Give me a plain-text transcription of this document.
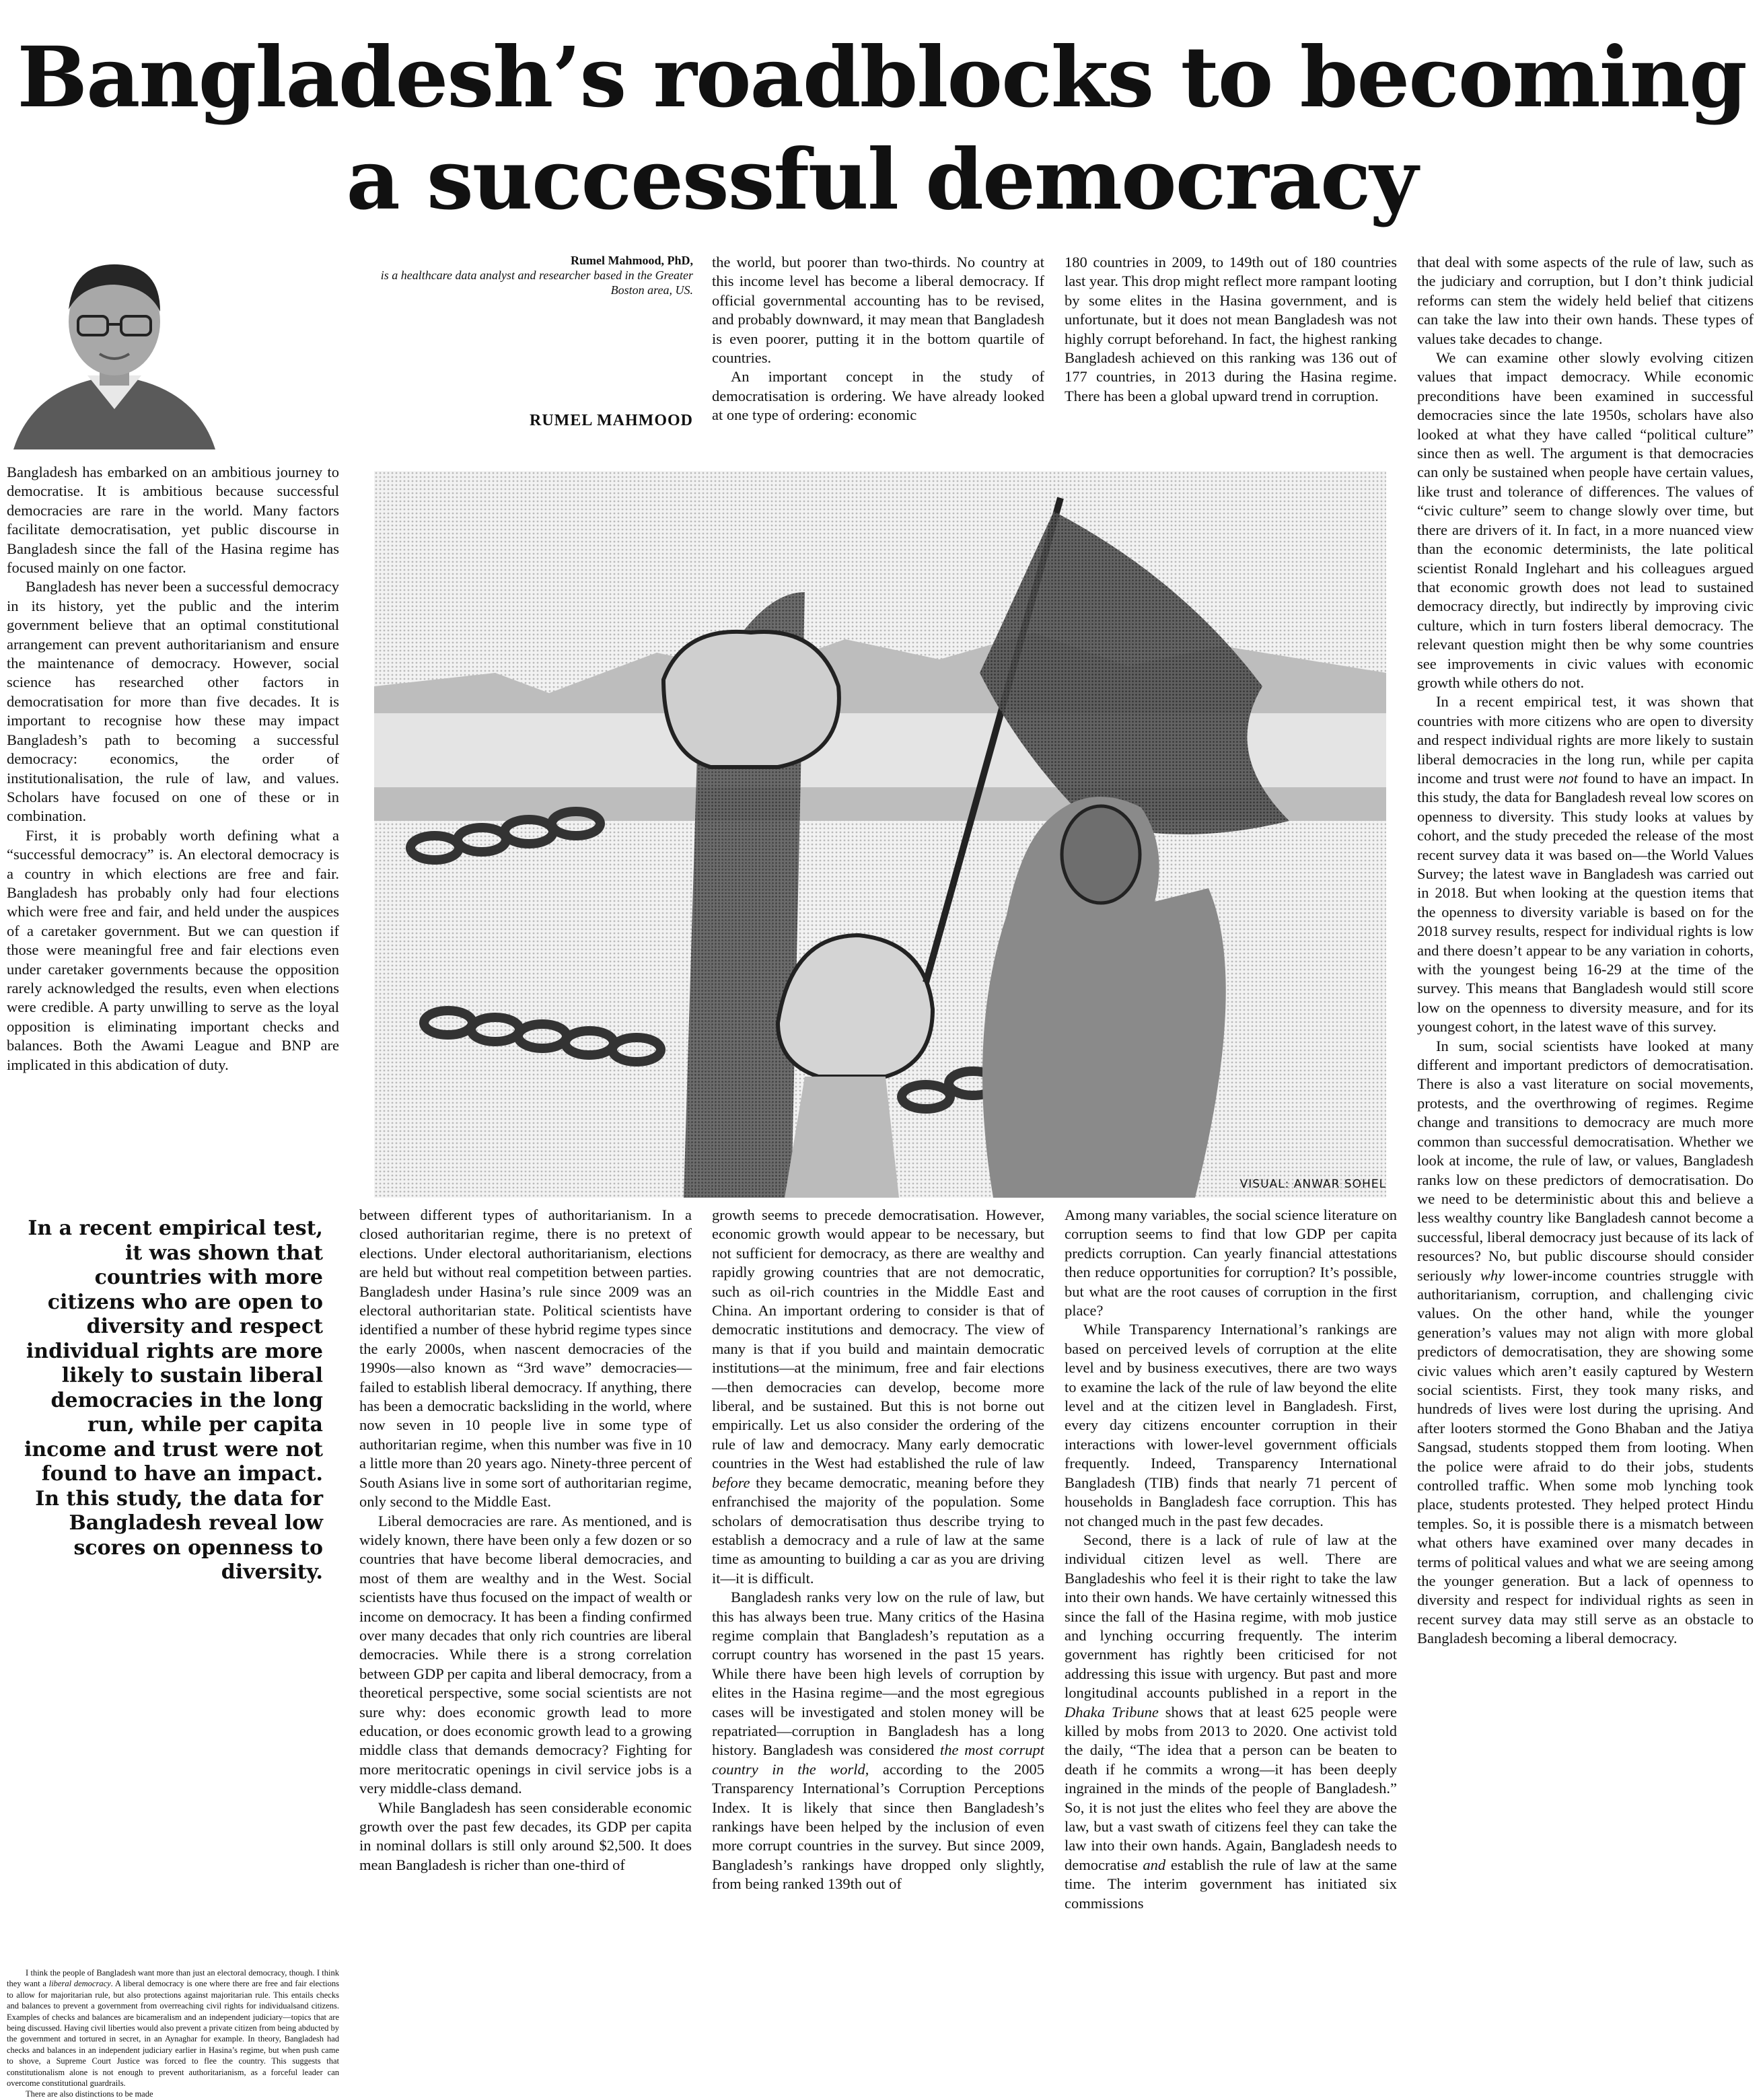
Bangladesh’s roadblocks to becoming a successful democracy
Rumel Mahmood, PhD,
is a healthcare data analyst and researcher based in the Greater Boston area, US.
RUMEL MAHMOOD

Bangladesh has embarked on an ambitious journey to democratise. It is ambitious because successful democracies are rare in the world. Many factors facilitate democratisation, yet public discourse in Bangladesh since the fall of the Hasina regime has focused mainly on one factor.

Bangladesh has never been a successful democracy in its history, yet the public and the interim government believe that an optimal constitutional arrangement can prevent authoritarianism and ensure the maintenance of democracy. However, social science has researched other factors in democratisation for more than five decades. It is important to recognise how these may impact Bangladesh’s path to becoming a successful democracy: economics, the order of institutionalisation, the rule of law, and values. Scholars have focused on one of these or in combination.

First, it is probably worth defining what a “successful democracy” is. An electoral democracy is a country in which elections are free and fair. Bangladesh has probably only had four elections which were free and fair, and held under the auspices of a caretaker government. But we can question if those were meaningful free and fair elections even under caretaker governments because the opposition rarely acknowledged the results, even when elections were credible. A party unwilling to serve as the loyal opposition is eliminating important checks and balances. Both the Awami League and BNP are implicated in this abdication of duty.

the world, but poorer than two-thirds. No country at this income level has become a liberal democracy. If official governmental accounting has to be revised, and probably downward, it may mean that Bangladesh is even poorer, putting it in the bottom quartile of countries.

An important concept in the study of democratisation is ordering. We have already looked at one type of ordering: economic

180 countries in 2009, to 149th out of 180 countries last year. This drop might reflect more rampant looting by some elites in the Hasina government, and is unfortunate, but it does not mean Bangladesh was not highly corrupt beforehand. In fact, the highest ranking Bangladesh achieved on this ranking was 136 out of 177 countries, in 2013 during the Hasina regime. There has been a global upward trend in corruption.

that deal with some aspects of the rule of law, such as the judiciary and corruption, but I don’t think judicial reforms can stem the widely held belief that citizens can take the law into their own hands. These types of values take decades to change.

We can examine other slowly evolving citizen values that impact democracy. While economic preconditions have been examined in successful democracies since the late 1950s, scholars have also looked at what they have called “political culture” since then as well. The argument is that democracies can only be sustained when people have certain values, like trust and tolerance of differences. The values of “civic culture” seem to change slowly over time, but there are drivers of it. In fact, in a more nuanced view than the economic determinists, the late political scientist Ronald Inglehart and his colleagues argued that economic growth does not lead to sustained democracy directly, but indirectly by improving civic culture, which in turn fosters liberal democracy. The relevant question might then be why some countries see improvements in civic values with economic growth while others do not.

In a recent empirical test, it was shown that countries with more citizens who are open to diversity and respect individual rights are more likely to sustain liberal democracies in the long run, while per capita income and trust were not found to have an impact. In this study, the data for Bangladesh reveal low scores on openness to diversity. This study looks at values by cohort, and the study preceded the release of the most recent survey data it was based on—the World Values Survey; the latest wave in Bangladesh was carried out in 2018. But when looking at the question items that the openness to diversity variable is based on for the 2018 survey results, respect for individual rights is low and there doesn’t appear to be any variation in cohorts, with the youngest being 16-29 at the time of the survey. This means that Bangladesh would still score low on the openness to diversity measure, and for its youngest cohort, in the latest wave of this survey.

In sum, social scientists have looked at many different and important predictors of democratisation. There is also a vast literature on social movements, protests, and the overthrowing of regimes. Regime change and transitions to democracy are much more common than successful democratisation. Whether we look at income, the rule of law, or values, Bangladesh ranks low on these predictors of democratisation. Do we need to be deterministic about this and believe a less wealthy country like Bangladesh cannot become a successful, liberal democracy just because of its lack of resources? No, but public discourse should consider seriously why lower-income countries struggle with authoritarianism, corruption, and challenging civic values. On the other hand, while the younger generation’s values may not align with more global predictors of democratisation, they are showing some civic values which aren’t easily captured by Western social scientists. First, they took many risks, and hundreds of lives were lost during the uprising. And after looters stormed the Gono Bhaban and the Jatiya Sangsad, students stopped them from looting. When the police were afraid to do their jobs, students controlled traffic. When some mob lynching took place, students protested. They helped protect Hindu temples. So, it is possible there is a mismatch between what others have examined over many decades in terms of political values and what we are seeing among the younger generation. But a lack of openness to diversity and respect for individual rights as seen in recent survey data may still serve as an obstacle to Bangladesh becoming a liberal democracy.

VISUAL: ANWAR SOHEL
In a recent empirical test, it was shown that countries with more citizens who are open to diversity and respect individual rights are more likely to sustain liberal democracies in the long run, while per capita income and trust were not found to have an impact. In this study, the data for Bangladesh reveal low scores on openness to diversity.

I think the people of Bangladesh want more than just an electoral democracy, though. I think they want a liberal democracy. A liberal democracy is one where there are free and fair elections to allow for majoritarian rule, but also protections against majoritarian rule. This entails checks and balances to prevent a government from overreaching civil rights for individualsand citizens. Examples of checks and balances are bicameralism and an independent judiciary—topics that are being discussed. Having civil liberties would also prevent a private citizen from being abducted by the government and tortured in secret, in an Aynaghar for example. In theory, Bangladesh had checks and balances in an independent judiciary earlier in Hasina’s regime, but when push came to shove, a Supreme Court Justice was forced to flee the country. This suggests that constitutionalism alone is not enough to prevent authoritarianism, as a forceful leader can overcome constitutional guardrails.

There are also distinctions to be made

between different types of authoritarianism. In a closed authoritarian regime, there is no pretext of elections. Under electoral authoritarianism, elections are held but without real competition between parties. Bangladesh under Hasina’s rule since 2009 was an electoral authoritarian state. Political scientists have identified a number of these hybrid regime types since the early 2000s, when nascent democracies of the 1990s—also known as “3rd wave” democracies—failed to establish liberal democracy. If anything, there has been a democratic backsliding in the world, where now seven in 10 people live in some type of authoritarian regime, when this number was five in 10 a little more than 20 years ago. Ninety-three percent of South Asians live in some sort of authoritarian regime, only second to the Middle East.

Liberal democracies are rare. As mentioned, and is widely known, there have been only a few dozen or so countries that have become liberal democracies, and most of them are wealthy and in the West. Social scientists have thus focused on the impact of wealth or income on democracy. It has been a finding confirmed over many decades that only rich countries are liberal democracies. While there is a strong correlation between GDP per capita and liberal democracy, from a theoretical perspective, some social scientists are not sure why: does economic growth lead to more education, or does economic growth lead to a growing middle class that demands democracy? Fighting for more meritocratic openings in civil service jobs is a very middle-class demand.

While Bangladesh has seen considerable economic growth over the past few decades, its GDP per capita in nominal dollars is still only around $2,500. It does mean Bangladesh is richer than one-third of

growth seems to precede democratisation. However, economic growth would appear to be necessary, but not sufficient for democracy, as there are wealthy and rapidly growing countries that are not democratic, such as oil-rich countries in the Middle East and China. An important ordering to consider is that of democratic institutions and democracy. The view of many is that if you build and maintain democratic institutions—at the minimum, free and fair elections—then democracies can develop, become more liberal, and be sustained. But this is not borne out empirically. Let us also consider the ordering of the rule of law and democracy. Many early democratic countries in the West had established the rule of law before they became democratic, meaning before they enfranchised the majority of the population. Some scholars of democratisation thus describe trying to establish a democracy and a rule of law at the same time as amounting to building a car as you are driving it—it is difficult.

Bangladesh ranks very low on the rule of law, but this has always been true. Many critics of the Hasina regime complain that Bangladesh’s reputation as a corrupt country has worsened in the past 15 years. While there have been high levels of corruption by elites in the Hasina regime—and the most egregious cases will be investigated and stolen money will be repatriated—corruption in Bangladesh has a long history. Bangladesh was considered the most corrupt country in the world, according to the 2005 Transparency International’s Corruption Perceptions Index. It is likely that since then Bangladesh’s rankings have been helped by the inclusion of even more corrupt countries in the survey. But since 2009, Bangladesh’s rankings have dropped only slightly, from being ranked 139th out of

Among many variables, the social science literature on corruption seems to find that low GDP per capita predicts corruption. Can yearly financial attestations then reduce opportunities for corruption? It’s possible, but what are the root causes of corruption in the first place?

While Transparency International’s rankings are based on perceived levels of corruption at the elite level and by business executives, there are two ways to examine the lack of the rule of law beyond the elite level and at the citizen level in Bangladesh. First, every day citizens encounter corruption in their interactions with lower-level government officials frequently. Indeed, Transparency International Bangladesh (TIB) finds that nearly 71 percent of households in Bangladesh face corruption. This has not changed much in the past few decades.

Second, there is a lack of rule of law at the individual citizen level as well. There are Bangladeshis who feel it is their right to take the law into their own hands. We have certainly witnessed this since the fall of the Hasina regime, with mob justice and lynching occurring frequently. The interim government has rightly been criticised for not addressing this issue with urgency. But past and more longitudinal accounts published in a report in the Dhaka Tribune shows that at least 625 people were killed by mobs from 2013 to 2020. One activist told the daily, “The idea that a person can be beaten to death if he commits a wrong—it has been deeply ingrained in the minds of the people of Bangladesh.” So, it is not just the elites who feel they are above the law, but a vast swath of citizens feel they can take the law into their own hands. Again, Bangladesh needs to democratise and establish the rule of law at the same time. The interim government has initiated six commissions
